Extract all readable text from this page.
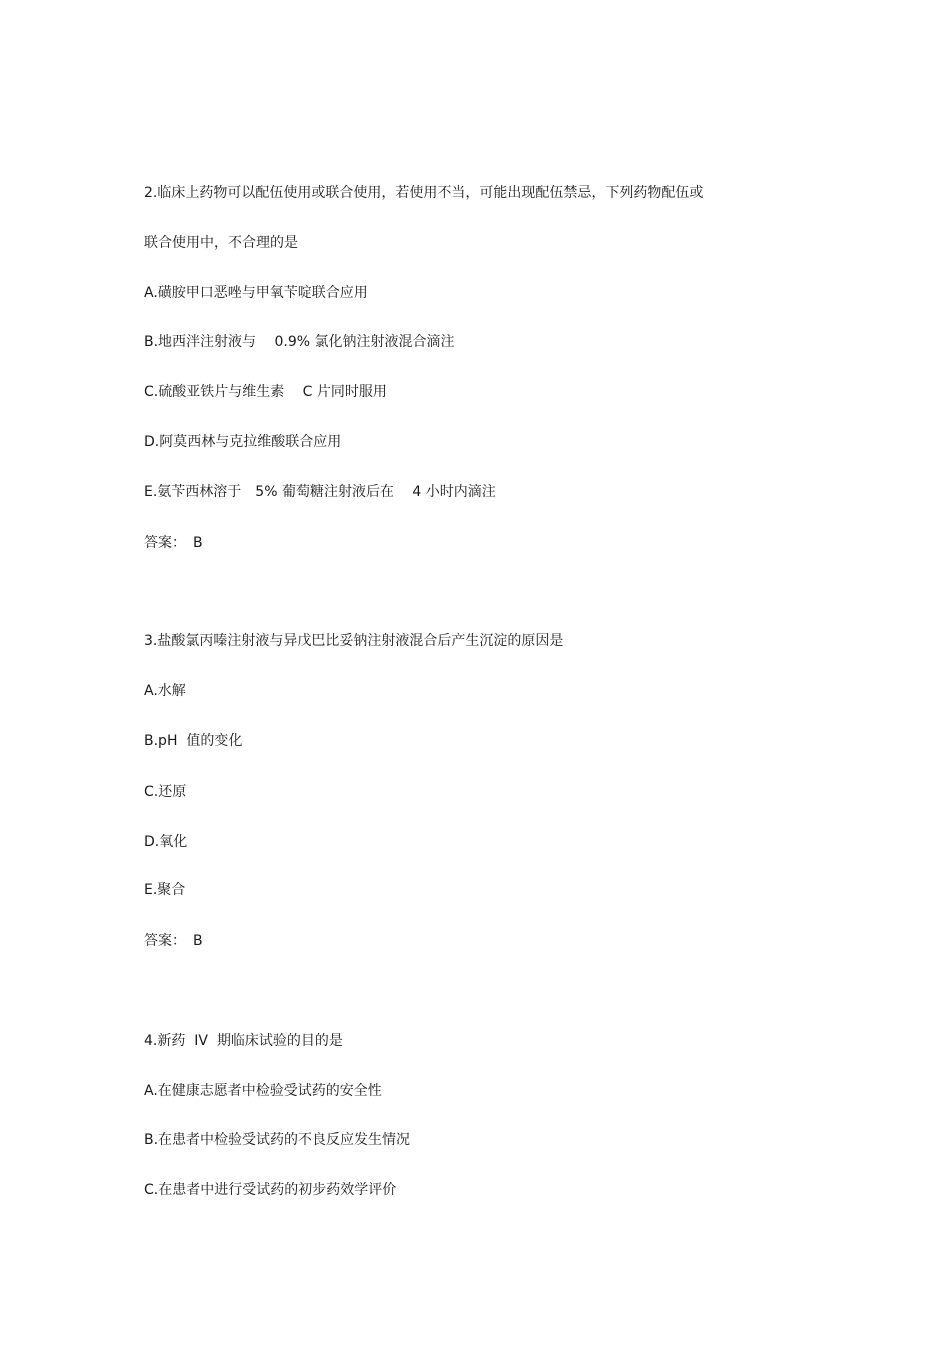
2.临床上药物可以配伍使用或联合使用，若使用不当，可能出现配伍禁忌，下列药物配伍或
联合使用中，不合理的是
A.磺胺甲口恶唑与甲氧苄啶联合应用
B.地西泮注射液与　 0.9% 氯化钠注射液混合滴注
C.硫酸亚铁片与维生素　 C 片同时服用
D.阿莫西林与克拉维酸联合应用
E.氨苄西林溶于　5% 葡萄糖注射液后在　 4 小时内滴注
答案：　B
3.盐酸氯丙嗪注射液与异戊巴比妥钠注射液混合后产生沉淀的原因是
A.水解
B.pH  值的变化
C.还原
D.氧化
E.聚合
答案：　B
4.新药  IV  期临床试验的目的是
A.在健康志愿者中检验受试药的安全性
B.在患者中检验受试药的不良反应发生情况
C.在患者中进行受试药的初步药效学评价
